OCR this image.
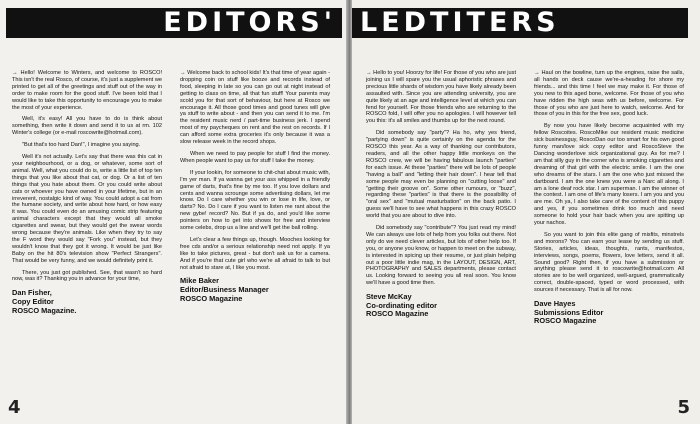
EDITORS'

→ Hello! Welcome to Winters, and welcome to ROSCO! This isn't the real Rosco, of course, it's just a supplement we printed to get all of the greetings and stuff out of the way in order to make room for the good stuff. I've been told that I would like to take this opportunity to encourage you to make the most of your experience.

Well, it's easy! All you have to do is think about something, then write it down and send it to us at rm. 102 Winter's college (or e-mail roscowrite@hotmail.com).

"But that's too hard Dan!", I imagine you saying.

Well it's not actually. Let's say that there was this cat in your neighbourhood, or a dog, or whatever, some sort of animal. Well, what you could do is, write a little list of top ten things that you like about that cat, or dog. Or a list of ten things that you hate about them. Or you could write about cats or whoever you have owned in your lifetime, but in an irreverent, nostalgic kind of way. You could adopt a cat from the humane society, and write about how hard, or how easy it was. You could even do an amusing comic strip featuring animal characters except that they would all smoke cigarettes and swear, but they would get the swear words wrong because they're animals. Like when they try to say the F word they would say "Fork you" instead, but they wouldn't know that they got it wrong. It would be just like Baby on the hit 80's television show "Perfect Strangers". That would be very funny, and we would definitely print it.

There, you just got published. See, that wasn't so hard now, was it? Thanking you in advance for your time,

Dan Fisher,
Copy Editor
ROSCO Magazine.

→ Welcome back to school kids! It's that time of year again - dropping coin on stuff like booze and records instead of food, sleeping in late so you can go out at night instead of getting to class on time, all that fun stuff! Your parents may scold you for that sort of behaviour, but here at Rosco we encourage it. All those good times and good tunes will give ya stuff to write about - and then you can send it to me. I'm the resident music nerd / part-time business jerk. I spend most of my paycheques on rent and the rest on records. If I can afford some extra groceries it's only because it was a slow release week in the record shops.

When we need to pay people for stuff I find the money. When people want to pay us for stuff I take the money.

If your lookin, for someone to chit-chat about music with, I'm yer man. If ya wanna get your ass whipped in a friendly game of darts, that's fine by me too. If you love dollars and cents and wanna scrounge some advertising dollars, let me know. Do I care whether you win or lose in life, love, or darts? No. Do I care if you want to listen me rant about the new gybe! record? No. But if ya do, and you'd like some pointers on how to get into shows for free and interview some celebs, drop us a line and we'll get the ball rolling.

Let's clear a few things up, though. Mooches looking for free cds and/or a serious relationship need not apply. If ya like to take pictures, great - but don't ask us for a camera. And if you're that cute girl who we're all afraid to talk to but not afraid to stare at, I like you most.

Mike Baker
Editor/Business Manager
ROSCO Magazine
4
LEDTITERS

→ Hello to you! Hoorzy for life! For those of you who are just joining us I will spare you the usual aphoristic phrases and precious little shards of wisdom you have likely already been assaulted with. Since you are attending university, you are quite likely at an age and intelligence level at which you can fend for yourself. For those friends who are returning to the ROSCO fold, I will offer you no apologies. I will however tell you this: it's all smiles and thumbs up for the next round.

Did somebody say "party"? Ha ho, why yes friend, "partying down" is quite certainly on the agenda for the ROSCO this year. As a way of thanking our contributors, readers, and all the other happy little monkeys on the ROSCO crew, we will be having fabulous launch "parties" for each issue. At these "parties" there will be lots of people "having a ball" and "letting their hair down". I hear tell that some people may even be planning on "cutting loose" and "getting their groove on". Some other rumours, or "buzz", regarding these "parties" is that there is the possibility of "oral sex" and "mutual masturbation" on the back patio. I guess we'll have to see what happens in this crazy ROSCO world that you are about to dive into.

Did somebody say "contribute"? You just read my mind! We can always use lots of help from you folks out there. Not only do we need clever articles, but lots of other help too. If you, or anyone you know, or happen to meet on the subway, is interested in spicing up their resume, or just plain helping out a poor little indie mag, in the LAYOUT, DESIGN, ART, PHOTOGRAPHY and SALES departments, please contact us. Looking forward to seeing you all real soon. You know we'll have a good time then.

Steve McKay
Co-ordinating editor
ROSCO Magazine

→ Haul on the bowline, turn up the engines, raise the sails, all hands on deck cause we're-a-heading for shore my friends... and this time I feel we may make it. For those of you new to this aged bone, welcome. For those of you who have ridden the high seas with us before, welcome. For those of you who are just here to watch, welcome. And for those of you in this for the free sex, good luck.

By now you have likely become acquainted with my fellow Roscoites. RoscoMike our resident music medicine sick businessguy, RoscoDan our too smart for his own good funny man/love sick copy editor and RoscoSteve the Dancing wonderlove sick organizational guy. As for me? I am that silly guy in the corner who is smoking cigarettes and dreaming of that girl with the electric smile. I am the one who dreams of the stars. I am the one who just missed the dartboard. I am the one knew you were a Narc all along. I am a lone deaf rock star. I am superman. I am the winner of the contest. I am one of life's many losers. I am you and you are me. Oh ya, I also take care of the content of this puppy and yes, if you sometimes drink too much and need someone to hold your hair back when you are spitting up your nachos.

So you want to join this elite gang of misfits, minstrels and morons? You can earn your lease by sending us stuff. Stories, articles, ideas, thoughts, rants, manifestos, interviews, songs, poems, flowers, love letters, send it all. Sound good? Right then, if you have a submission or anything please send it to roscowrite@hotmail.com All stories are to be well organized, well-argued, grammatically correct, double-spaced, typed or word processed, with sources if necessary. That is all for now.

Dave Hayes
Submissions Editor
ROSCO Magazine
5
